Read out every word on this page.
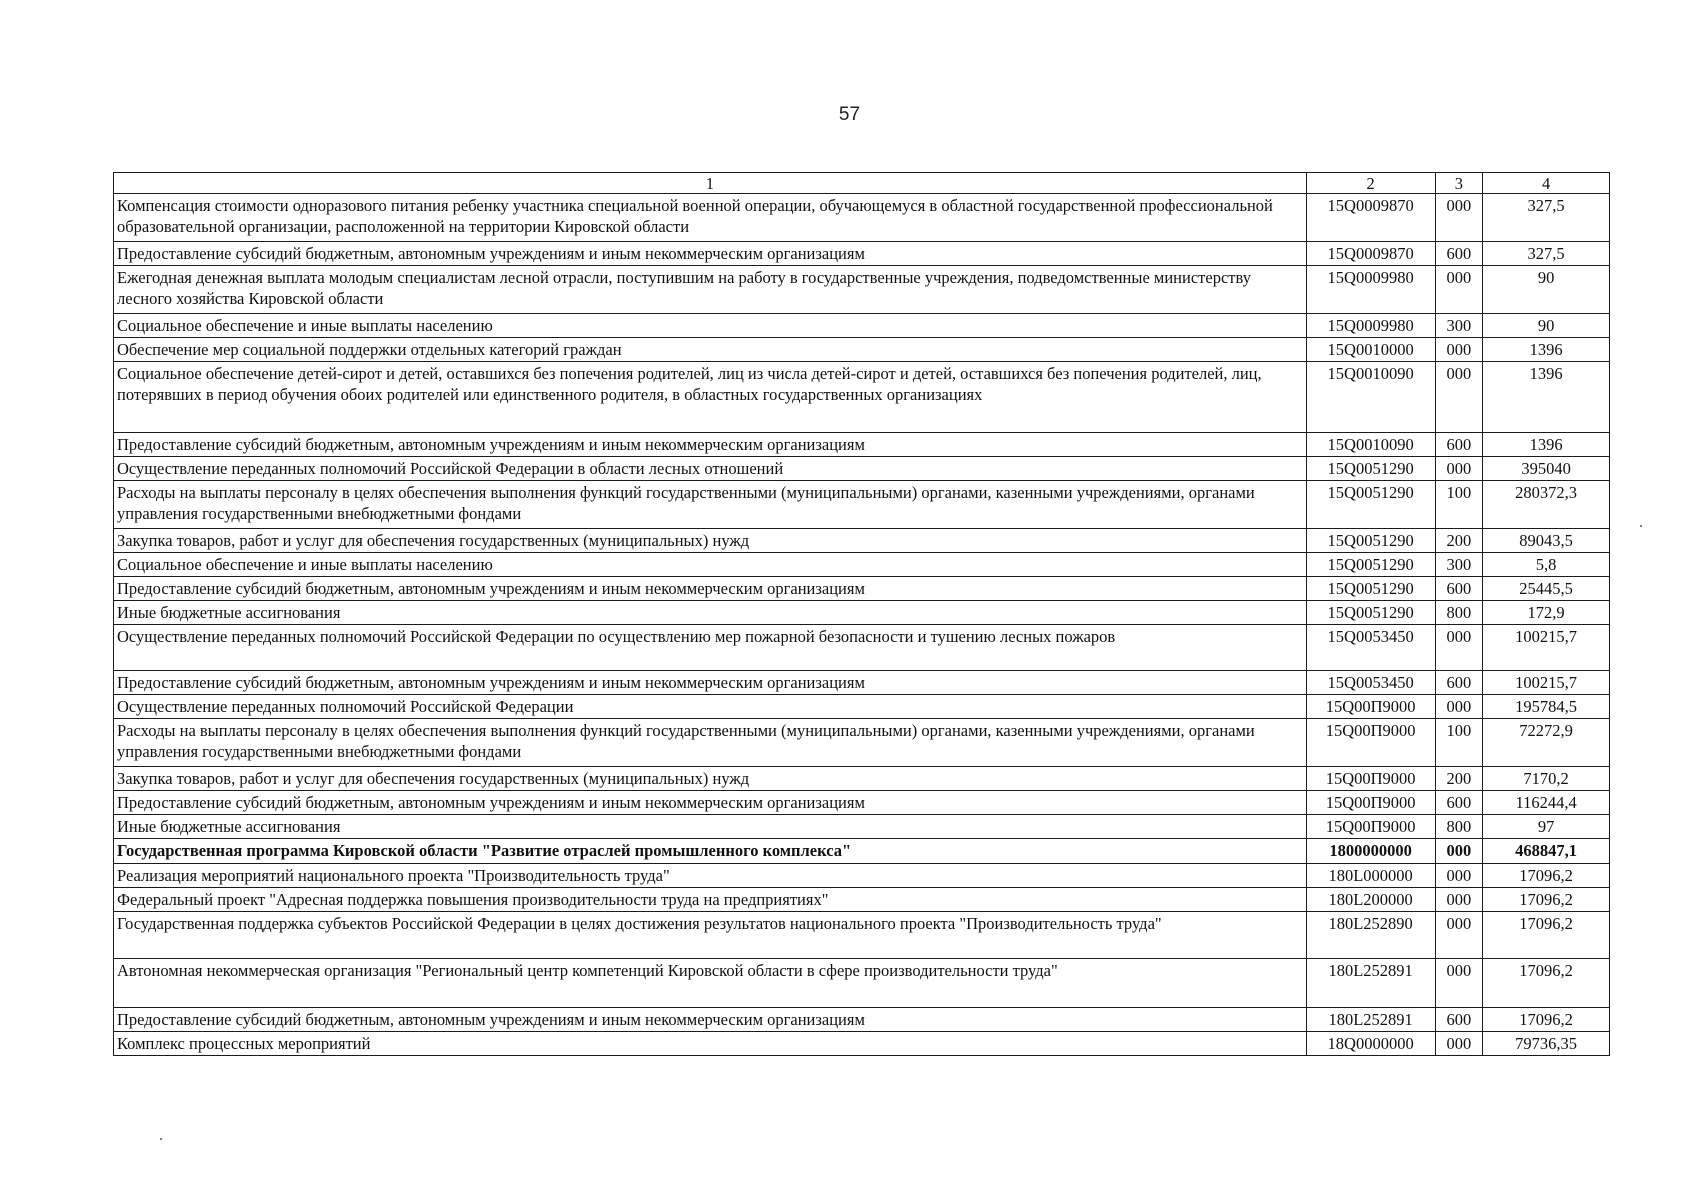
57
1	2	3	4
Компенсация стоимости одноразового питания ребенку участника специальной военной операции, обучающемуся в областной государственной профессиональной образовательной организации, расположенной на территории Кировской области	15Q0009870	000	327,5
Предоставление субсидий бюджетным, автономным учреждениям и иным некоммерческим организациям	15Q0009870	600	327,5
Ежегодная денежная выплата молодым специалистам лесной отрасли, поступившим на работу в государственные учреждения, подведомственные министерству лесного хозяйства Кировской области	15Q0009980	000	90
Социальное обеспечение и иные выплаты населению	15Q0009980	300	90
Обеспечение мер социальной поддержки отдельных категорий граждан	15Q0010000	000	1396
Социальное обеспечение детей-сирот и детей, оставшихся без попечения родителей, лиц из числа детей-сирот и детей, оставшихся без попечения родителей, лиц, потерявших в период обучения обоих родителей или единственного родителя, в областных государственных организациях	15Q0010090	000	1396
Предоставление субсидий бюджетным, автономным учреждениям и иным некоммерческим организациям	15Q0010090	600	1396
Осуществление переданных полномочий Российской Федерации в области лесных отношений	15Q0051290	000	395040
Расходы на выплаты персоналу в целях обеспечения выполнения функций государственными (муниципальными) органами, казенными учреждениями, органами управления государственными внебюджетными фондами	15Q0051290	100	280372,3
Закупка товаров, работ и услуг для обеспечения государственных (муниципальных) нужд	15Q0051290	200	89043,5
Социальное обеспечение и иные выплаты населению	15Q0051290	300	5,8
Предоставление субсидий бюджетным, автономным учреждениям и иным некоммерческим организациям	15Q0051290	600	25445,5
Иные бюджетные ассигнования	15Q0051290	800	172,9
Осуществление переданных полномочий Российской Федерации по осуществлению мер пожарной безопасности и тушению лесных пожаров	15Q0053450	000	100215,7
Предоставление субсидий бюджетным, автономным учреждениям и иным некоммерческим организациям	15Q0053450	600	100215,7
Осуществление переданных полномочий Российской Федерации	15Q00П9000	000	195784,5
Расходы на выплаты персоналу в целях обеспечения выполнения функций государственными (муниципальными) органами, казенными учреждениями, органами управления государственными внебюджетными фондами	15Q00П9000	100	72272,9
Закупка товаров, работ и услуг для обеспечения государственных (муниципальных) нужд	15Q00П9000	200	7170,2
Предоставление субсидий бюджетным, автономным учреждениям и иным некоммерческим организациям	15Q00П9000	600	116244,4
Иные бюджетные ассигнования	15Q00П9000	800	97
Государственная программа Кировской области "Развитие отраслей промышленного комплекса"	1800000000	000	468847,1
Реализация мероприятий национального проекта "Производительность труда"	180L000000	000	17096,2
Федеральный проект "Адресная поддержка повышения производительности труда на предприятиях"	180L200000	000	17096,2
Государственная поддержка субъектов Российской Федерации в целях достижения результатов национального проекта "Производительность труда"	180L252890	000	17096,2
Автономная некоммерческая организация "Региональный центр компетенций Кировской области в сфере производительности труда"	180L252891	000	17096,2
Предоставление субсидий бюджетным, автономным учреждениям и иным некоммерческим организациям	180L252891	600	17096,2
Комплекс процессных мероприятий	18Q0000000	000	79736,35
